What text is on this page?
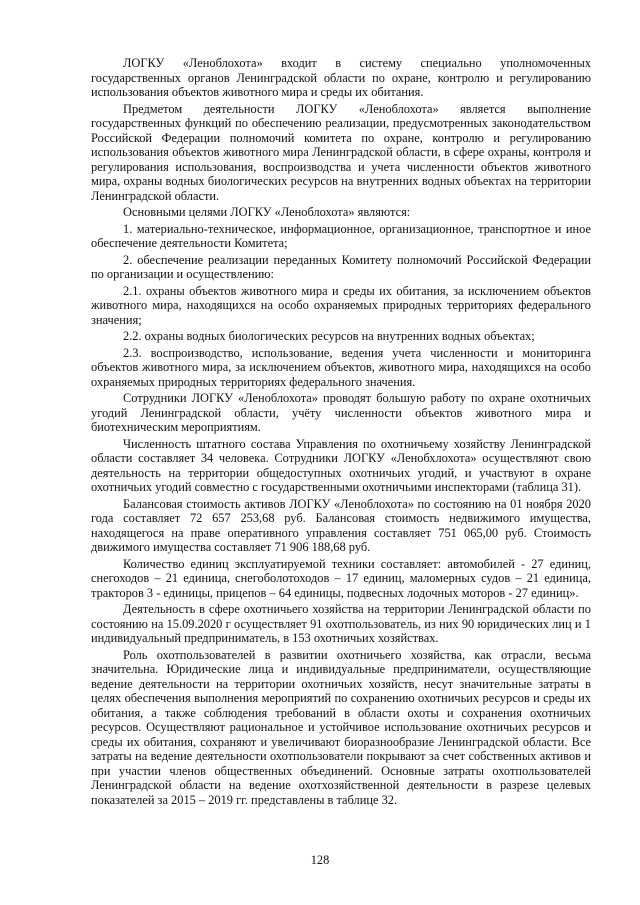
ЛОГКУ «Леноблохота» входит в систему специально уполномоченных государственных органов Ленинградской области по охране, контролю и регулированию использования объектов животного мира и среды их обитания.

Предметом деятельности ЛОГКУ «Леноблохота» является выполнение государственных функций по обеспечению реализации, предусмотренных законодательством Российской Федерации полномочий комитета по охране, контролю и регулированию использования объектов животного мира Ленинградской области, в сфере охраны, контроля и регулирования использования, воспроизводства и учета численности объектов животного мира, охраны водных биологических ресурсов на внутренних водных объектах на территории Ленинградской области.

Основными целями ЛОГКУ «Леноблохота» являются:

1. материально-техническое, информационное, организационное, транспортное и иное обеспечение деятельности Комитета;

2. обеспечение реализации переданных Комитету полномочий Российской Федерации по организации и осуществлению:

2.1. охраны объектов животного мира и среды их обитания, за исключением объектов животного мира, находящихся на особо охраняемых природных территориях федерального значения;

2.2. охраны водных биологических ресурсов на внутренних водных объектах;

2.3. воспроизводство, использование, ведения учета численности и мониторинга объектов животного мира, за исключением объектов, животного мира, находящихся на особо охраняемых природных территориях федерального значения.

Сотрудники ЛОГКУ «Леноблохота» проводят большую работу по охране охотничьих угодий Ленинградской области, учёту численности объектов животного мира и биотехническим мероприятиям.

Численность штатного состава Управления по охотничьему хозяйству Ленинградской области составляет 34 человека. Сотрудники ЛОГКУ «Ленобхлохота» осуществляют свою деятельность на территории общедоступных охотничьих угодий, и участвуют в охране охотничьих угодий совместно с государственными охотничьими инспекторами (таблица 31).

Балансовая стоимость активов ЛОГКУ «Леноблохота» по состоянию на 01 ноября 2020 года составляет 72 657 253,68 руб. Балансовая стоимость недвижимого имущества, находящегося на праве оперативного управления составляет 751 065,00 руб. Стоимость движимого имущества составляет 71 906 188,68 руб.

Количество единиц эксплуатируемой техники составляет: автомобилей - 27 единиц, снегоходов – 21 единица, снегоболотоходов – 17 единиц, маломерных судов – 21 единица, тракторов 3 - единицы, прицепов – 64 единицы, подвесных лодочных моторов - 27 единиц».

Деятельность в сфере охотничьего хозяйства на территории Ленинградской области по состоянию на 15.09.2020 г осуществляет 91 охотпользователь, из них 90 юридических лиц и 1 индивидуальный предприниматель, в 153 охотничьих хозяйствах.

Роль охотпользователей в развитии охотничьего хозяйства, как отрасли, весьма значительна. Юридические лица и индивидуальные предприниматели, осуществляющие ведение деятельности на территории охотничьих хозяйств, несут значительные затраты в целях обеспечения выполнения мероприятий по сохранению охотничьих ресурсов и среды их обитания, а также соблюдения требований в области охоты и сохранения охотничьих ресурсов. Осуществляют рациональное и устойчивое использование охотничьих ресурсов и среды их обитания, сохраняют и увеличивают биоразнообразие Ленинградской области. Все затраты на ведение деятельности охотпользователи покрывают за счет собственных активов и при участии членов общественных объединений. Основные затраты охотпользователей Ленинградской области на ведение охотхозяйственной деятельности в разрезе целевых показателей за 2015 – 2019 гг. представлены в таблице 32.

128
